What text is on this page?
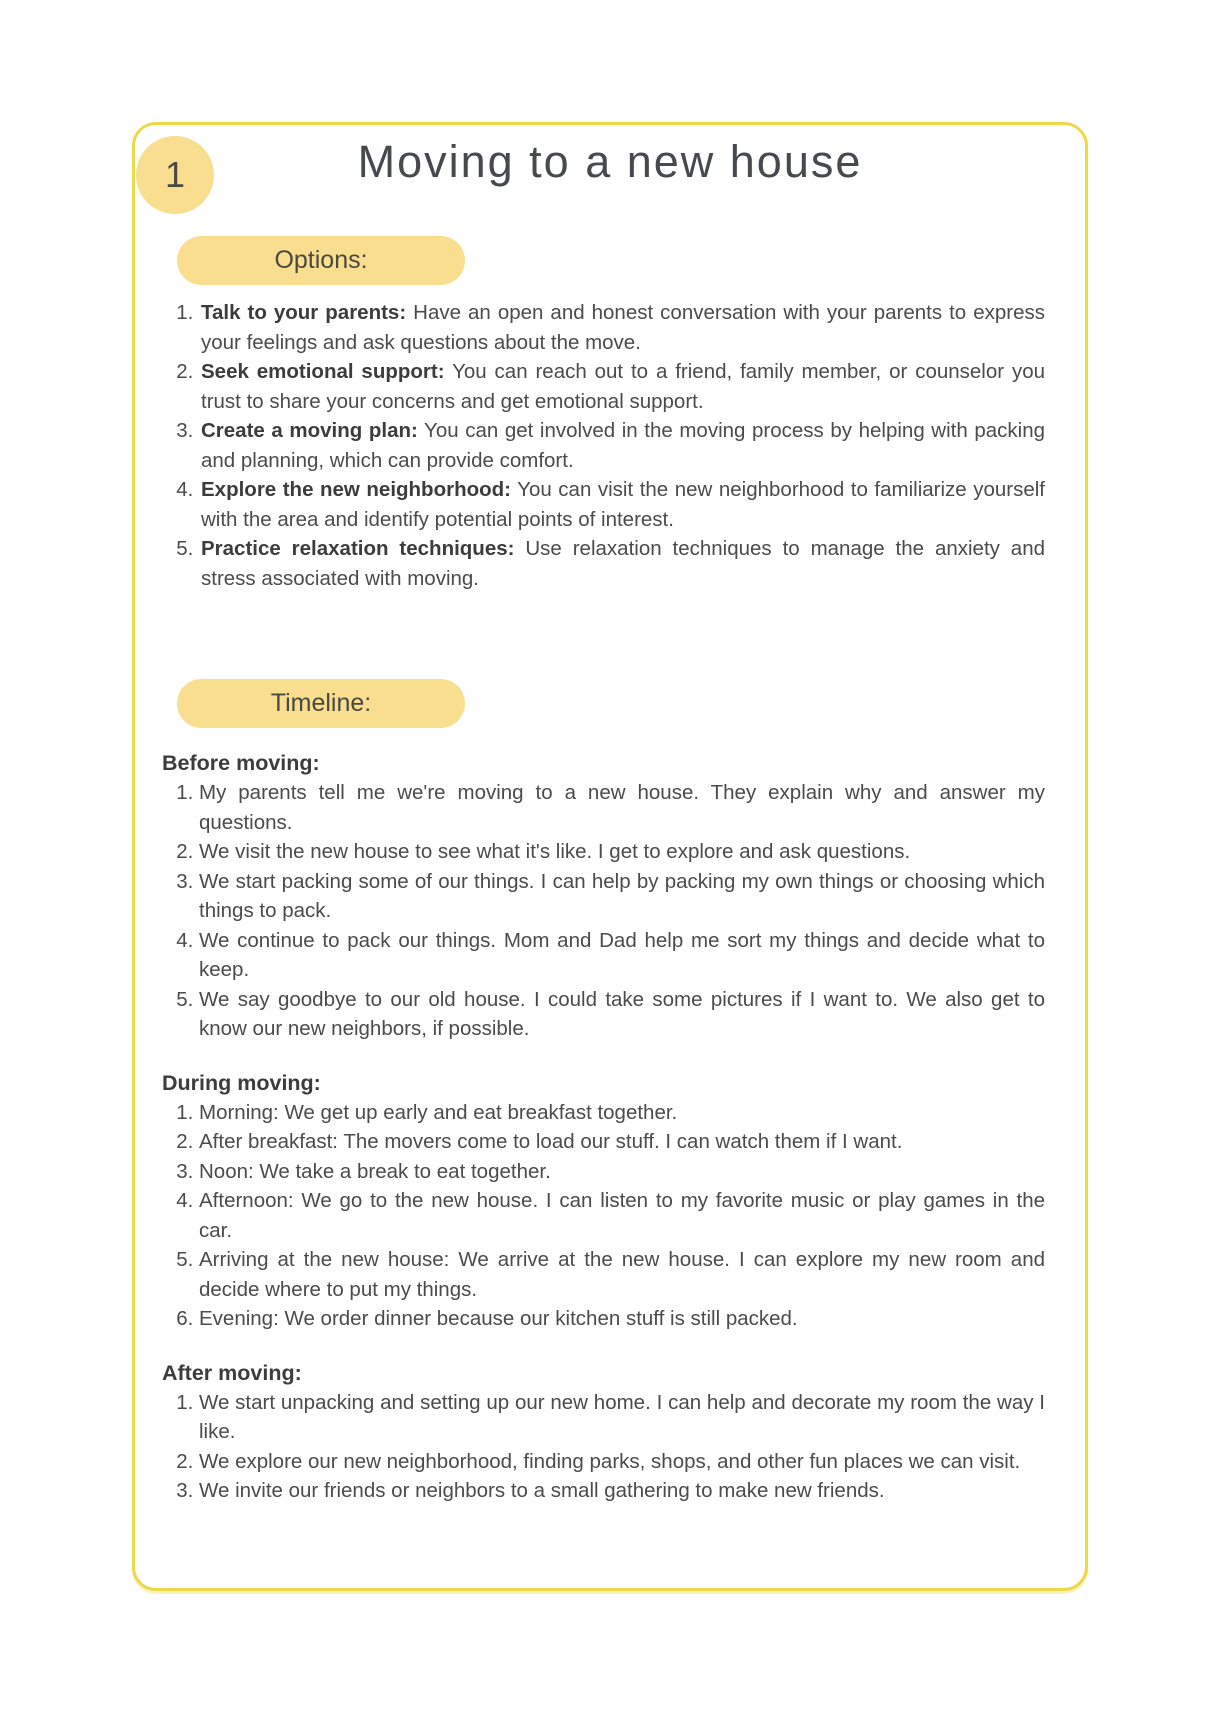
1	Moving to a new house
Options:
1. Talk to your parents: Have an open and honest conversation with your parents to express your feelings and ask questions about the move.
2. Seek emotional support: You can reach out to a friend, family member, or counselor you trust to share your concerns and get emotional support.
3. Create a moving plan: You can get involved in the moving process by helping with packing and planning, which can provide comfort.
4. Explore the new neighborhood: You can visit the new neighborhood to familiarize yourself with the area and identify potential points of interest.
5. Practice relaxation techniques: Use relaxation techniques to manage the anxiety and stress associated with moving.
Timeline:
Before moving:
1. My parents tell me we're moving to a new house. They explain why and answer my questions.
2. We visit the new house to see what it's like. I get to explore and ask questions.
3. We start packing some of our things. I can help by packing my own things or choosing which things to pack.
4. We continue to pack our things. Mom and Dad help me sort my things and decide what to keep.
5. We say goodbye to our old house. I could take some pictures if I want to. We also get to know our new neighbors, if possible.
During moving:
1. Morning: We get up early and eat breakfast together.
2. After breakfast: The movers come to load our stuff. I can watch them if I want.
3. Noon: We take a break to eat together.
4. Afternoon: We go to the new house. I can listen to my favorite music or play games in the car.
5. Arriving at the new house: We arrive at the new house. I can explore my new room and decide where to put my things.
6. Evening: We order dinner because our kitchen stuff is still packed.
After moving:
1. We start unpacking and setting up our new home. I can help and decorate my room the way I like.
2. We explore our new neighborhood, finding parks, shops, and other fun places we can visit.
3. We invite our friends or neighbors to a small gathering to make new friends.
